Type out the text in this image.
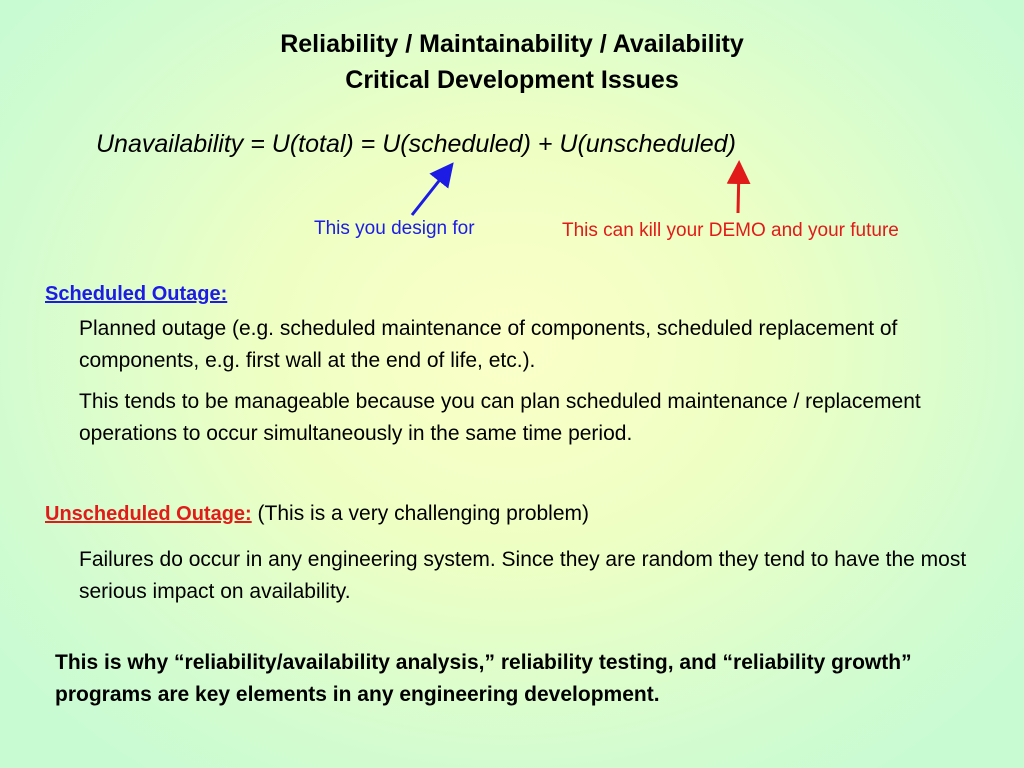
Reliability / Maintainability / Availability
Critical Development Issues
Unavailability = U(total) = U(scheduled) + U(unscheduled)
This you design for	This can kill your DEMO and your future
Scheduled Outage:

Planned outage (e.g. scheduled maintenance of components, scheduled replacement of components, e.g. first wall at the end of life, etc.).

This tends to be manageable because you can plan scheduled maintenance / replacement operations to occur simultaneously in the same time period.

Unscheduled Outage: (This is a very challenging problem)

Failures do occur in any engineering system. Since they are random they tend to have the most serious impact on availability.

This is why “reliability/availability analysis,” reliability testing, and “reliability growth” programs are key elements in any engineering development.
